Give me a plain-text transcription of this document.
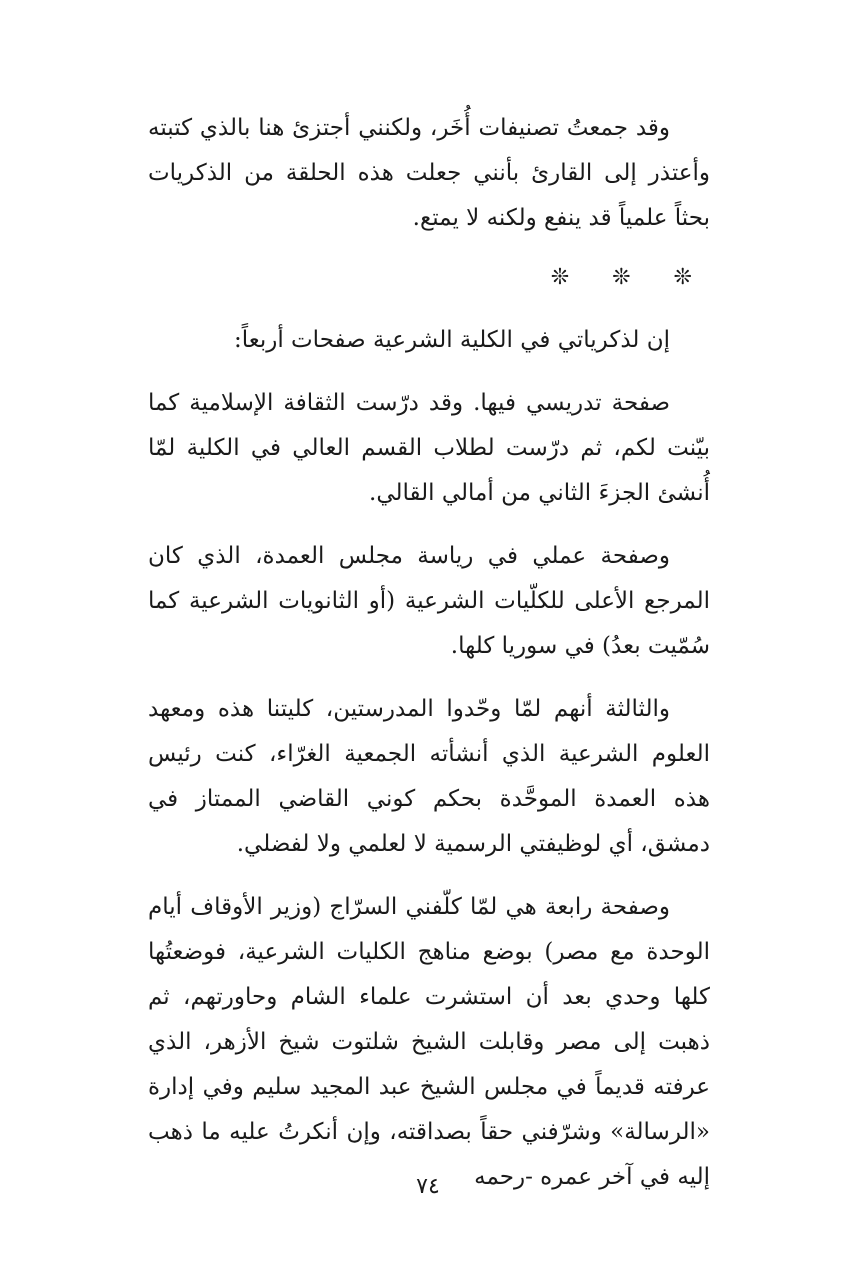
وقد جمعتُ تصنيفات أُخَر، ولكنني أجتزئ هنا بالذي كتبته وأعتذر إلى القارئ بأنني جعلت هذه الحلقة من الذكريات بحثاً علمياً قد ينفع ولكنه لا يمتع.

❊ ❊ ❊

إن لذكرياتي في الكلية الشرعية صفحات أربعاً:

صفحة تدريسي فيها. وقد درّست الثقافة الإسلامية كما بيّنت لكم، ثم درّست لطلاب القسم العالي في الكلية لمّا أُنشئ الجزءَ الثاني من أمالي القالي.

وصفحة عملي في رياسة مجلس العمدة، الذي كان المرجع الأعلى للكلّيات الشرعية (أو الثانويات الشرعية كما سُمّيت بعدُ) في سوريا كلها.

والثالثة أنهم لمّا وحّدوا المدرستين، كليتنا هذه ومعهد العلوم الشرعية الذي أنشأته الجمعية الغرّاء، كنت رئيس هذه العمدة الموحَّدة بحكم كوني القاضي الممتاز في دمشق، أي لوظيفتي الرسمية لا لعلمي ولا لفضلي.

وصفحة رابعة هي لمّا كلّفني السرّاج (وزير الأوقاف أيام الوحدة مع مصر) بوضع مناهج الكليات الشرعية، فوضعتُها كلها وحدي بعد أن استشرت علماء الشام وحاورتهم، ثم ذهبت إلى مصر وقابلت الشيخ شلتوت شيخ الأزهر، الذي عرفته قديماً في مجلس الشيخ عبد المجيد سليم وفي إدارة «الرسالة» وشرّفني حقاً بصداقته، وإن أنكرتُ عليه ما ذهب إليه في آخر عمره -رحمه

٧٤
